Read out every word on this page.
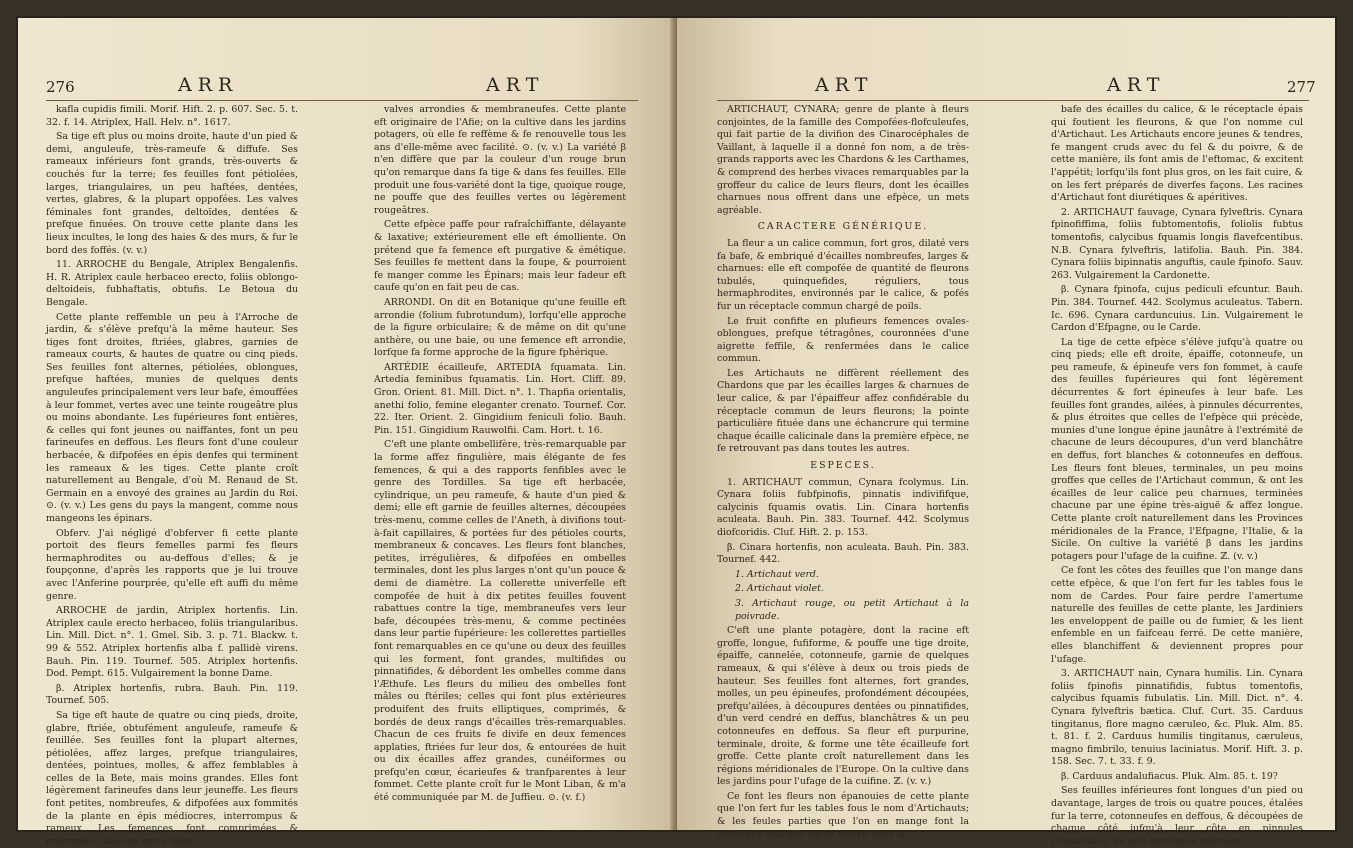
276	ARR	ART

kafla cupidis fimili. Morif. Hift. 2. p. 607. Sec. 5. t. 32. f. 14. Atriplex, Hall. Helv. n°. 1617.

Sa tige eft plus ou moins droite, haute d'un pied & demi, anguleufe, très-rameufe & diffufe. Ses rameaux inférieurs font grands, très-ouverts & couchés fur la terre; fes feuilles font pétiolées, larges, triangulaires, un peu haftées, dentées, vertes, glabres, & la plupart oppofées. Les valves féminales font grandes, deltoïdes, dentées & prefque finuées. On trouve cette plante dans les lieux incultes, le long des haies & des murs, & fur le bord des foffés. (v. v.)

11. ARROCHE du Bengale, Atriplex Bengalenfis. H. R. Atriplex caule herbaceo erecto, foliis oblongo-deltoideis, fubhaftatis, obtufis. Le Betoua du Bengale.

Cette plante reffemble un peu à l'Arroche de jardin, & s'élève prefqu'à la même hauteur. Ses tiges font droites, ftriées, glabres, garnies de rameaux courts, & hautes de quatre ou cinq pieds. Ses feuilles font alternes, pétiolées, oblongues, prefque haftées, munies de quelques dents anguleufes principalement vers leur bafe, émouffées à leur fommet, vertes avec une teinte rougeâtre plus ou moins abondante. Les fupérieures font entières, & celles qui font jeunes ou naiffantes, font un peu farineufes en deffous. Les fleurs font d'une couleur herbacée, & difpofées en épis denfes qui terminent les rameaux & les tiges. Cette plante croît naturellement au Bengale, d'où M. Renaud de St. Germain en a envoyé des graines au Jardin du Roi. ⊙. (v. v.) Les gens du pays la mangent, comme nous mangeons les épinars.

Obferv. J'ai négligé d'obferver fi cette plante portoit des fleurs femelles parmi fes fleurs hermaphrodites ou au-deffous d'elles; & je foupçonne, d'après les rapports que je lui trouve avec l'Anferine pourprée, qu'elle eft auffi du même genre.

ARROCHE de jardin, Atriplex hortenfis. Lin. Atriplex caule erecto herbaceo, foliis triangularibus. Lin. Mill. Dict. n°. 1. Gmel. Sib. 3. p. 71. Blackw. t. 99 & 552. Atriplex hortenfis alba f. pallidè virens. Bauh. Pin. 119. Tournef. 505. Atriplex hortenfis. Dod. Pempt. 615. Vulgairement la bonne Dame.

β. Atriplex hortenfis, rubra. Bauh. Pin. 119. Tournef. 505.

Sa tige eft haute de quatre ou cinq pieds, droite, glabre, ftriée, obtufément anguleufe, rameufe & feuillée. Ses feuilles font la plupart alternes, pétiolées, affez larges, prefque triangulaires, dentées, pointues, molles, & affez femblables à celles de la Bete, mais moins grandes. Elles font légèrement farineufes dans leur jeuneffe. Les fleurs font petites, nombreufes, & difpofées aux fommités de la plante en épis médiocres, interrompus & rameux. Les femences font comprimées & enfermées chacune entre deux

valves arrondies & membraneufes. Cette plante eft originaire de l'Afie; on la cultive dans les jardins potagers, où elle fe reffème & fe renouvelle tous les ans d'elle-même avec facilité. ⊙. (v. v.) La variété β n'en diffère que par la couleur d'un rouge brun qu'on remarque dans fa tige & dans fes feuilles. Elle produit une fous-variété dont la tige, quoique rouge, ne pouffe que des feuilles vertes ou légèrement rougeâtres.

Cette efpèce paffe pour rafraîchiffante, délayante & laxative; extérieurement elle eft émolliente. On prétend que fa femence eft purgative & émétique. Ses feuilles fe mettent dans la foupe, & pourroient fe manger comme les Épinars; mais leur fadeur eft caufe qu'on en fait peu de cas.

ARRONDI. On dit en Botanique qu'une feuille eft arrondie (folium fubrotundum), lorfqu'elle approche de la figure orbiculaire; & de même on dit qu'une anthère, ou une baie, ou une femence eft arrondie, lorfque fa forme approche de la figure fphérique.

ARTÉDIE écailleufe, ARTEDIA fquamata. Lin. Artedia feminibus fquamatis. Lin. Hort. Cliff. 89. Gron. Orient. 81. Mill. Dict. n°. 1. Thapfia orientalis, anethi folio, femine eleganter crenato. Tournef. Cor. 22. Iter. Orient. 2. Gingidium feniculi folio. Bauh. Pin. 151. Gingidium Rauwolfii. Cam. Hort. t. 16.

C'eft une plante ombellifère, très-remarquable par la forme affez fingulière, mais élégante de fes femences, & qui a des rapports fenfibles avec le genre des Tordilles. Sa tige eft herbacée, cylindrique, un peu rameufe, & haute d'un pied & demi; elle eft garnie de feuilles alternes, découpées très-menu, comme celles de l'Aneth, à divifions tout-à-fait capillaires, & portées fur des pétioles courts, membraneux & concaves. Les fleurs font blanches, petites, irrégulières, & difpofées en ombelles terminales, dont les plus larges n'ont qu'un pouce & demi de diamètre. La collerette univerfelle eft compofée de huit à dix petites feuilles fouvent rabattues contre la tige, membraneufes vers leur bafe, découpées très-menu, & comme pectinées dans leur partie fupérieure: les collerettes partielles font remarquables en ce qu'une ou deux des feuilles qui les forment, font grandes, multifides ou pinnatifides, & débordent les ombelles comme dans l'Æthufe. Les fleurs du milieu des ombelles font mâles ou ftériles; celles qui font plus extérieures produifent des fruits elliptiques, comprimés, & bordés de deux rangs d'écailles très-remarquables. Chacun de ces fruits fe divife en deux femences applaties, ftriées fur leur dos, & entourées de huit ou dix écailles affez grandes, cunéiformes ou prefqu'en cœur, écarieufes & tranfparentes à leur fommet. Cette plante croît fur le Mont Liban, & m'a été communiquée par M. de Juffieu. ⊙. (v. f.)

ART	ART	277

ARTICHAUT, CYNARA; genre de plante à fleurs conjointes, de la famille des Compofées-flofculeufes, qui fait partie de la divifion des Cinarocéphales de Vaillant, à laquelle il a donné fon nom, a de très-grands rapports avec les Chardons & les Carthames, & comprend des herbes vivaces remarquables par la groffeur du calice de leurs fleurs, dont les écailles charnues nous offrent dans une efpèce, un mets agréable.

CARACTERE GÉNÉRIQUE.

La fleur a un calice commun, fort gros, dilaté vers fa bafe, & embriqué d'écailles nombreufes, larges & charnues: elle eft compofée de quantité de fleurons tubulés, quinquefides, réguliers, tous hermaphrodites, environnés par le calice, & pofés fur un réceptacle commun chargé de poils.

Le fruit confifte en plufieurs femences ovales-oblongues, prefque tétragônes, couronnées d'une aigrette feffile, & renfermées dans le calice commun.

Les Artichauts ne diffèrent réellement des Chardons que par les écailles larges & charnues de leur calice, & par l'épaiffeur affez confidérable du réceptacle commun de leurs fleurons; la pointe particulière fituée dans une échancrure qui termine chaque écaille calicinale dans la première efpèce, ne fe retrouvant pas dans toutes les autres.

ESPECES.

1. ARTICHAUT commun, Cynara fcolymus. Lin. Cynara foliis fubfpinofis, pinnatis indivififque, calycinis fquamis ovatis. Lin. Cinara hortenfis aculeata. Bauh. Pin. 383. Tournef. 442. Scolymus diofcoridis. Cluf. Hift. 2. p. 153.

β. Cinara hortenfis, non aculeata. Bauh. Pin. 383. Tournef. 442.

1. Artichaut verd.

2. Artichaut violet.

3. Artichaut rouge, ou petit Artichaut à la poivrade.

C'eft une plante potagère, dont la racine eft groffe, longue, fufiforme, & pouffe une tige droite, épaiffe, cannelée, cotonneufe, garnie de quelques rameaux, & qui s'élève à deux ou trois pieds de hauteur. Ses feuilles font alternes, fort grandes, molles, un peu épineufes, profondément découpées, prefqu'ailées, à découpures dentées ou pinnatifides, d'un verd cendré en deffus, blanchâtres & un peu cotonneufes en deffous. Sa fleur eft purpurine, terminale, droite, & forme une tête écailleufe fort groffe. Cette plante croît naturellement dans les régions méridionales de l'Europe. On la cultive dans les jardins pour l'ufage de la cuifine. ℤ. (v. v.)

Ce font les fleurs non épanouies de cette plante que l'on fert fur les tables fous le nom d'Artichauts; & les feules parties que l'on en mange font la fubftance charnue qui fe trouve dans la

bafe des écailles du calice, & le réceptacle épais qui foutient les fleurons, & que l'on nomme cul d'Artichaut. Les Artichauts encore jeunes & tendres, fe mangent cruds avec du fel & du poivre, & de cette manière, ils font amis de l'eftomac, & excitent l'appétit; lorfqu'ils font plus gros, on les fait cuire, & on les fert préparés de diverfes façons. Les racines d'Artichaut font diurétiques & apéritives.

2. ARTICHAUT fauvage, Cynara fylveftris. Cynara fpinofiffima, foliis fubtomentofis, foliolis fubtus tomentofis, calycibus fquamis longis flavefcentibus. N.B. Cynara fylveftris, latifolia. Bauh. Pin. 384. Cynara foliis bipinnatis anguftis, caule fpinofo. Sauv. 263. Vulgairement la Cardonette.

β. Cynara fpinofa, cujus pediculi efcuntur. Bauh. Pin. 384. Tournef. 442. Scolymus aculeatus. Tabern. Ic. 696. Cynara carduncuius. Lin. Vulgairement le Cardon d'Efpagne, ou le Carde.

La tige de cette efpèce s'élève jufqu'à quatre ou cinq pieds; elle eft droite, épaiffe, cotonneufe, un peu rameufe, & épineufe vers fon fommet, à caufe des feuilles fupérieures qui font légèrement décurrentes & fort épineufes à leur bafe. Les feuilles font grandes, ailées, à pinnules décurrentes, & plus étroites que celles de l'efpèce qui précède, munies d'une longue épine jaunâtre à l'extrémité de chacune de leurs découpures, d'un verd blanchâtre en deffus, fort blanches & cotonneufes en deffous. Les fleurs font bleues, terminales, un peu moins groffes que celles de l'Artichaut commun, & ont les écailles de leur calice peu charnues, terminées chacune par une épine très-aiguë & affez longue. Cette plante croît naturellement dans les Provinces méridionales de la France, l'Efpagne, l'Italie, & la Sicile. On cultive la variété β dans les jardins potagers pour l'ufage de la cuifine. ℤ. (v. v.)

Ce font les côtes des feuilles que l'on mange dans cette efpèce, & que l'on fert fur les tables fous le nom de Cardes. Pour faire perdre l'amertume naturelle des feuilles de cette plante, les Jardiniers les enveloppent de paille ou de fumier, & les lient enfemble en un faifceau ferré. De cette manière, elles blanchiffent & deviennent propres pour l'ufage.

3. ARTICHAUT nain, Cynara humilis. Lin. Cynara foliis fpinofis pinnatifidis, fubtus tomentofis, calycibus fquamis fubulatis. Lin. Mill. Dict. n°. 4. Cynara fylveftris bætica. Cluf. Curt. 35. Carduus tingitanus, flore magno cæruleo, &c. Pluk. Alm. 85. t. 81. f. 2. Carduus humilis tingitanus, cæruleus, magno fimbrilo, tenuius laciniatus. Morif. Hift. 3. p. 158. Sec. 7. t. 33. f. 9.

β. Carduus andalufiacus. Pluk. Alm. 85. t. 19?

Ses feuilles inférieures font longues d'un pied ou davantage, larges de trois ou quatre pouces, étalées fur la terre, cotonneufes en deffous, & découpées de chaque côté jufqu'à leur côte en pinnules pinnatifides, un peu étroites & pointues.
